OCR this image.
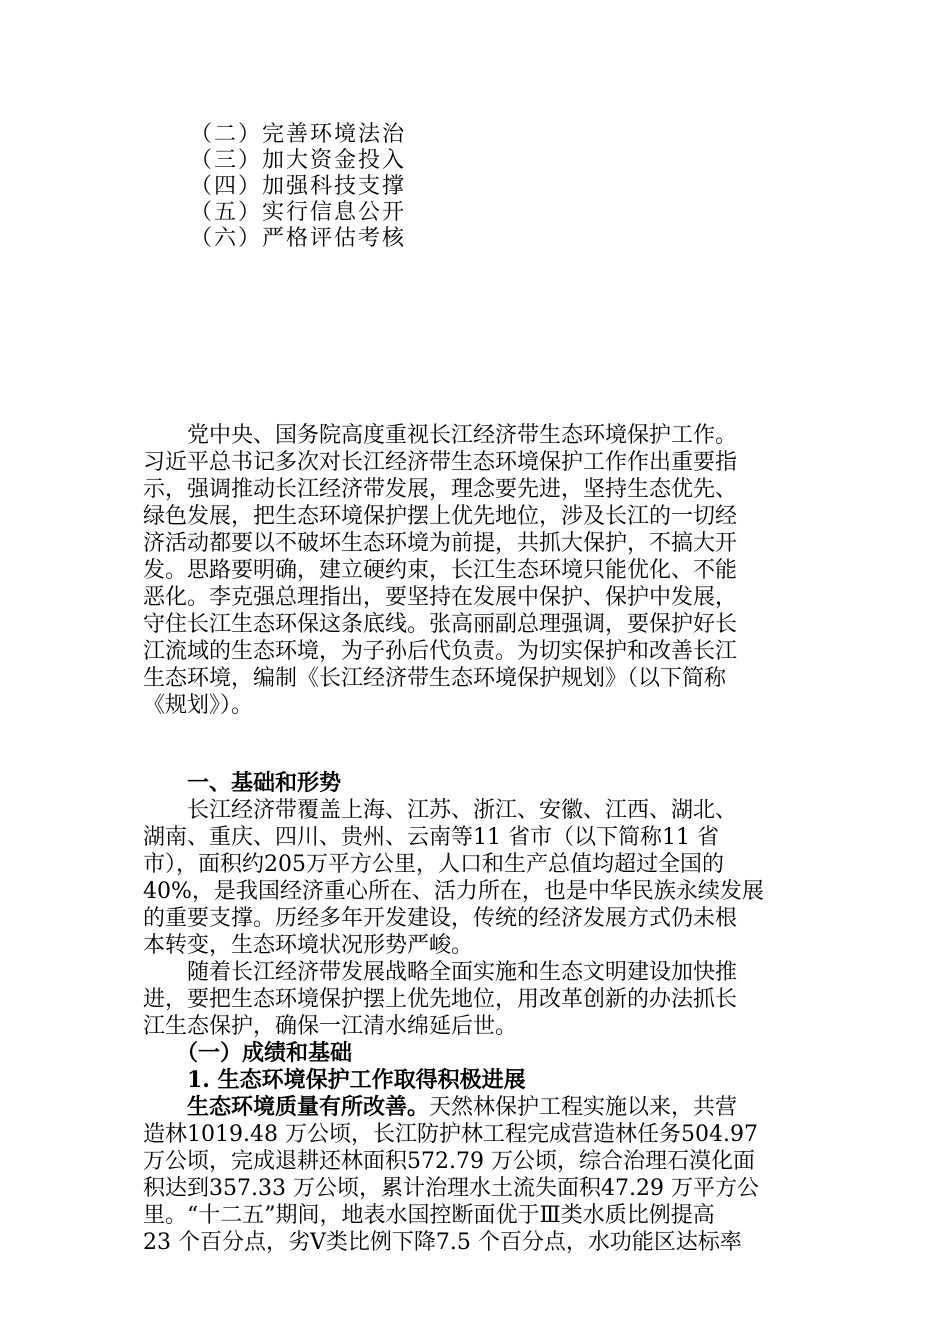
（二）完善环境法治
（三）加大资金投入
（四）加强科技支撑
（五）实行信息公开
（六）严格评估考核
　　党中央、国务院高度重视长江经济带生态环境保护工作。
习近平总书记多次对长江经济带生态环境保护工作作出重要指
示，强调推动长江经济带发展，理念要先进，坚持生态优先、
绿色发展，把生态环境保护摆上优先地位，涉及长江的一切经
济活动都要以不破坏生态环境为前提，共抓大保护，不搞大开
发。思路要明确，建立硬约束，长江生态环境只能优化、不能
恶化。李克强总理指出，要坚持在发展中保护、保护中发展，
守住长江生态环保这条底线。张高丽副总理强调，要保护好长
江流域的生态环境，为子孙后代负责。为切实保护和改善长江
生态环境，编制《长江经济带生态环境保护规划》（以下简称
《规划》）。
　　一、基础和形势
　　长江经济带覆盖上海、江苏、浙江、安徽、江西、湖北、
湖南、重庆、四川、贵州、云南等11 省市（以下简称11 省
市），面积约205万平方公里，人口和生产总值均超过全国的
40%，是我国经济重心所在、活力所在，也是中华民族永续发展
的重要支撑。历经多年开发建设，传统的经济发展方式仍未根
本转变，生态环境状况形势严峻。
　　随着长江经济带发展战略全面实施和生态文明建设加快推
进，要把生态环境保护摆上优先地位，用改革创新的办法抓长
江生态保护，确保一江清水绵延后世。
　　（一）成绩和基础
　　1. 生态环境保护工作取得积极进展
　　生态环境质量有所改善。天然林保护工程实施以来，共营
造林1019.48 万公顷，长江防护林工程完成营造林任务504.97
万公顷，完成退耕还林面积572.79 万公顷，综合治理石漠化面
积达到357.33 万公顷，累计治理水土流失面积47.29 万平方公
里。“十二五”期间，地表水国控断面优于Ⅲ类水质比例提高
23 个百分点，劣Ⅴ类比例下降7.5 个百分点，水功能区达标率
